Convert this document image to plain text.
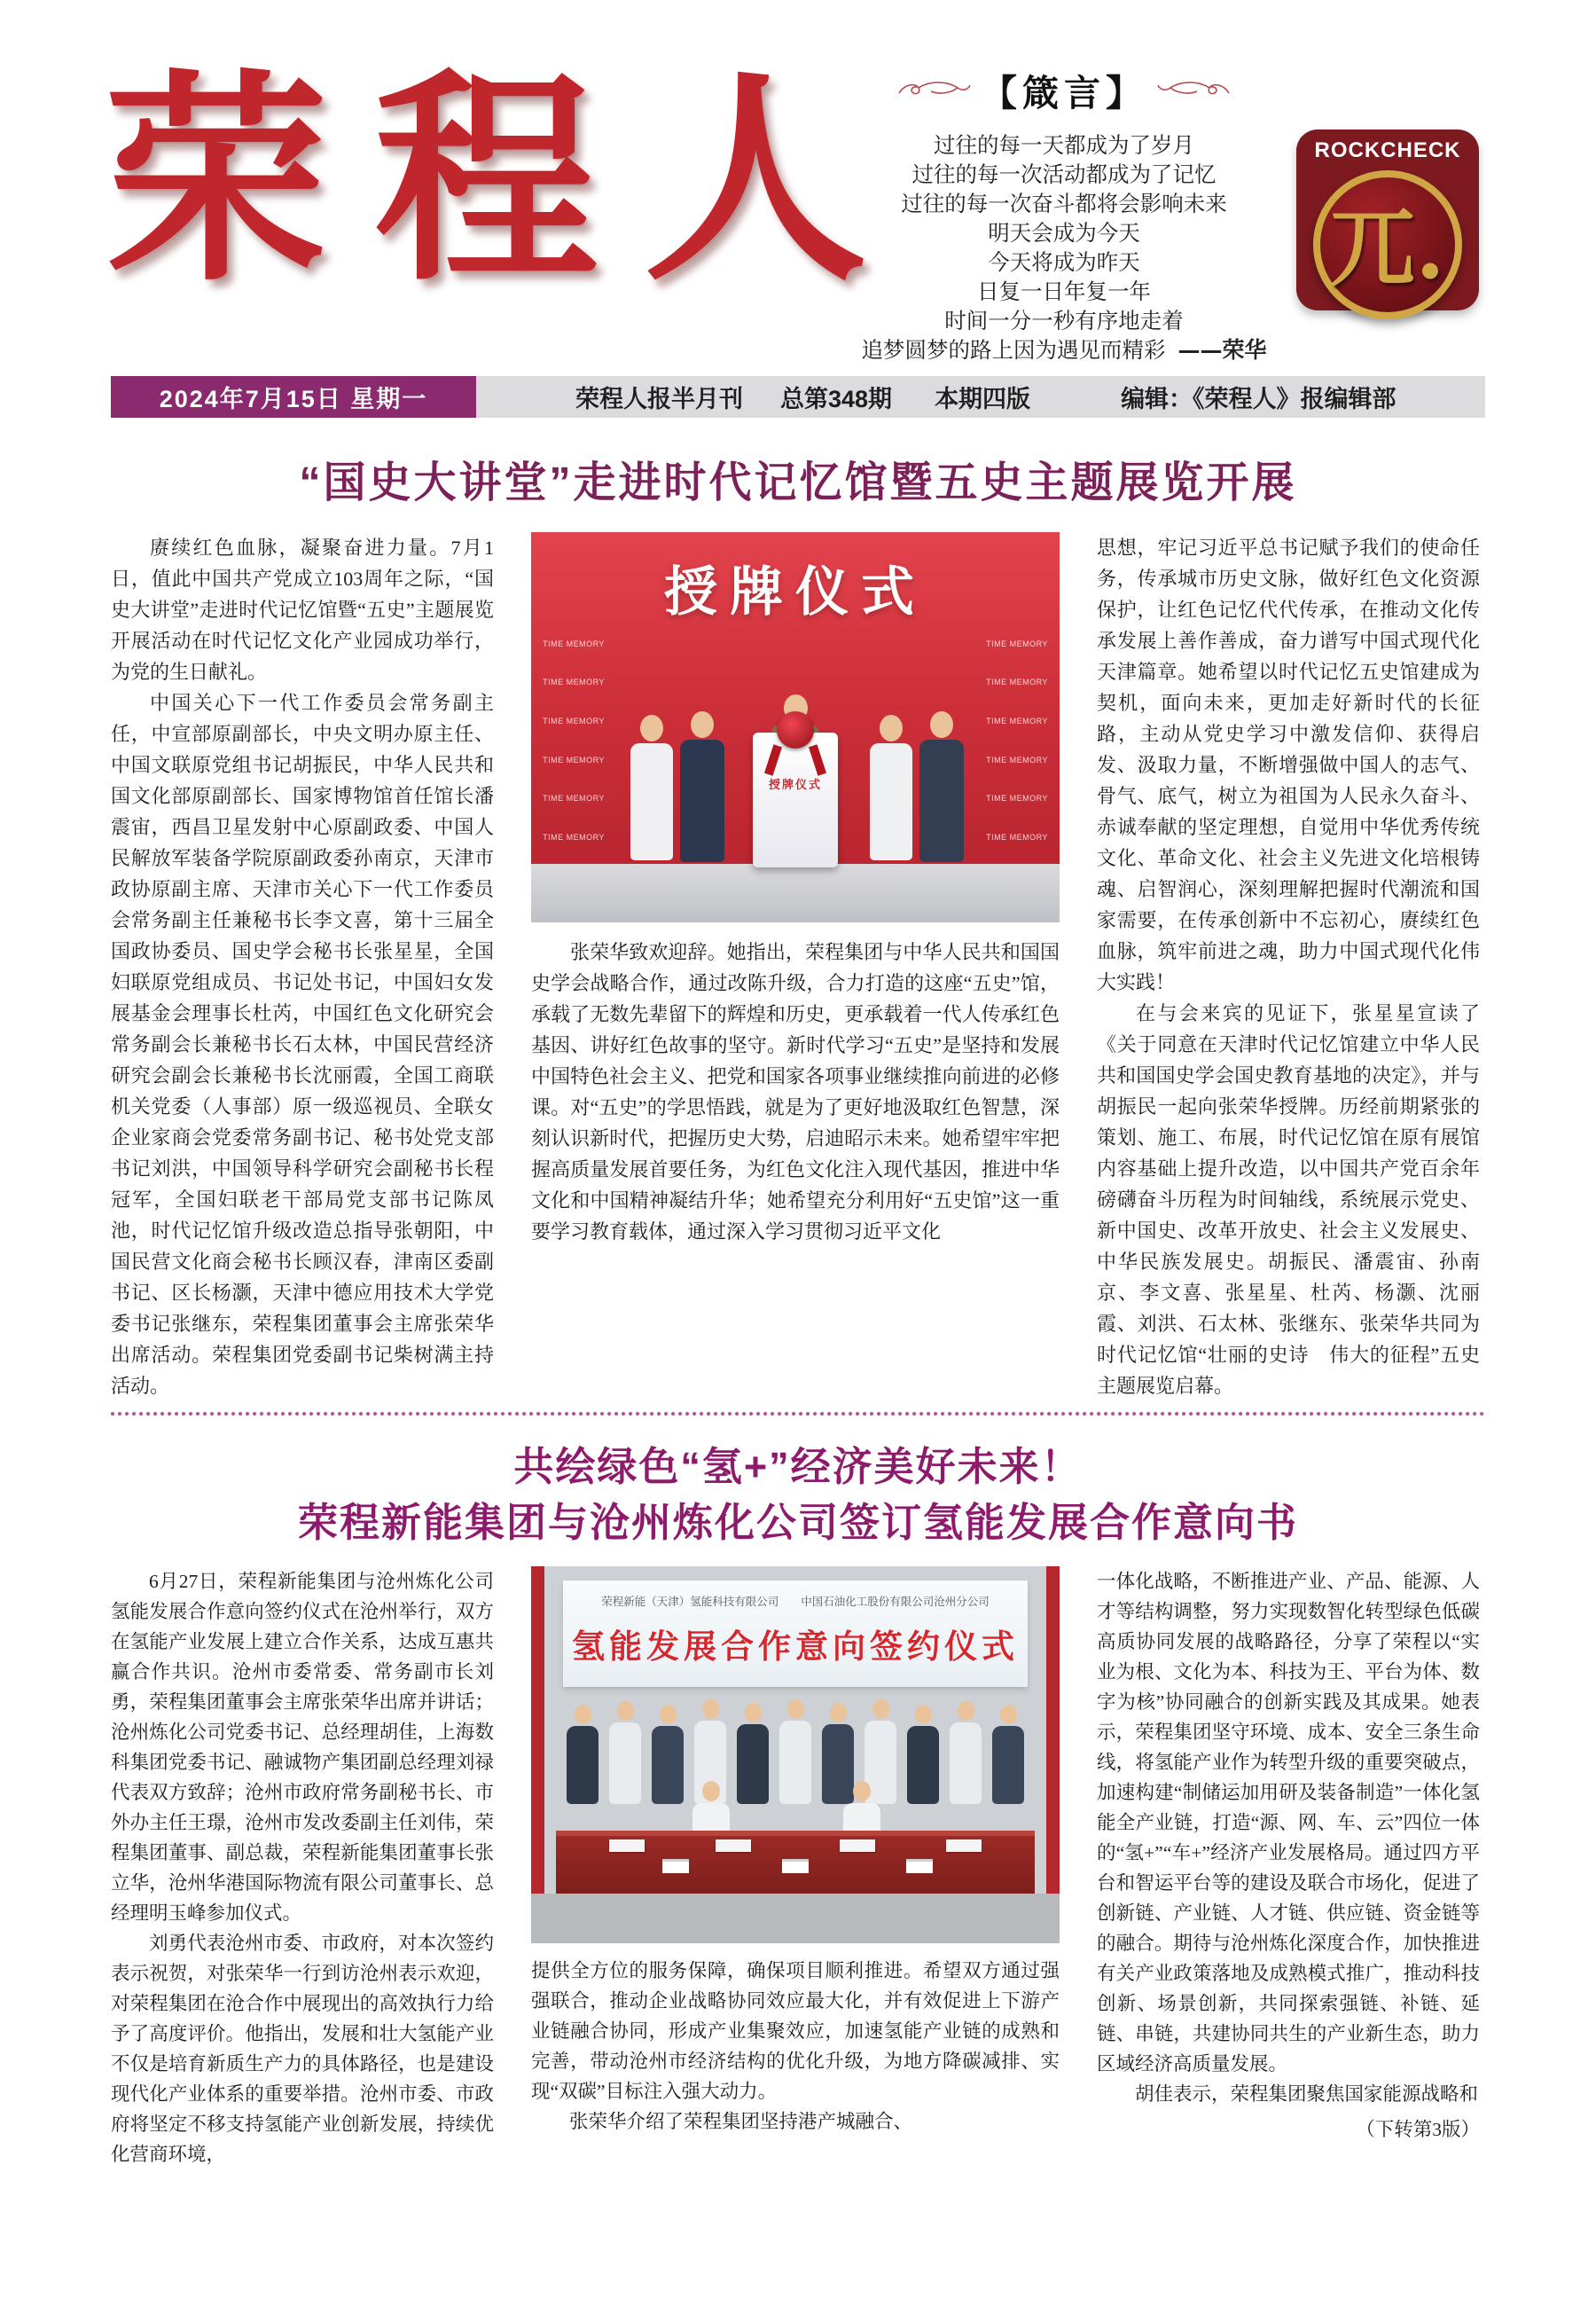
荣程人 【箴言】
过往的每一天都成为了岁月
过往的每一次活动都成为了记忆
过往的每一次奋斗都将会影响未来
明天会成为今天
今天将成为昨天
日复一日年复一年
时间一分一秒有序地走着
追梦圆梦的路上因为遇见而精彩 ——荣华
ROCKCHECK
兀.
2024年7月15日 星期一	荣程人报半月刊 总第348期 本期四版	编辑：《荣程人》报编辑部
“国史大讲堂”走进时代记忆馆暨五史主题展览开展

赓续红色血脉，凝聚奋进力量。7月1日，值此中国共产党成立103周年之际，“国史大讲堂”走进时代记忆馆暨“五史”主题展览开展活动在时代记忆文化产业园成功举行，为党的生日献礼。

中国关心下一代工作委员会常务副主任，中宣部原副部长，中央文明办原主任、中国文联原党组书记胡振民，中华人民共和国文化部原副部长、国家博物馆首任馆长潘震宙，西昌卫星发射中心原副政委、中国人民解放军装备学院原副政委孙南京，天津市政协原副主席、天津市关心下一代工作委员会常务副主任兼秘书长李文喜，第十三届全国政协委员、国史学会秘书长张星星，全国妇联原党组成员、书记处书记，中国妇女发展基金会理事长杜芮，中国红色文化研究会常务副会长兼秘书长石太林，中国民营经济研究会副会长兼秘书长沈丽霞，全国工商联机关党委（人事部）原一级巡视员、全联女企业家商会党委常务副书记、秘书处党支部书记刘洪，中国领导科学研究会副秘书长程冠军，全国妇联老干部局党支部书记陈凤池，时代记忆馆升级改造总指导张朝阳，中国民营文化商会秘书长顾汉春，津南区委副书记、区长杨灏，天津中德应用技术大学党委书记张继东，荣程集团董事会主席张荣华出席活动。荣程集团党委副书记柴树满主持活动。

授牌仪式
TIME MEMORY
TIME MEMORY
TIME MEMORY
TIME MEMORY
TIME MEMORY
TIME MEMORY
TIME MEMORY
TIME MEMORY
TIME MEMORY
TIME MEMORY
TIME MEMORY
TIME MEMORY
授牌仪式

张荣华致欢迎辞。她指出，荣程集团与中华人民共和国国史学会战略合作，通过改陈升级，合力打造的这座“五史”馆，承载了无数先辈留下的辉煌和历史，更承载着一代人传承红色基因、讲好红色故事的坚守。新时代学习“五史”是坚持和发展中国特色社会主义、把党和国家各项事业继续推向前进的必修课。对“五史”的学思悟践，就是为了更好地汲取红色智慧，深刻认识新时代，把握历史大势，启迪昭示未来。她希望牢牢把握高质量发展首要任务，为红色文化注入现代基因，推进中华文化和中国精神凝结升华；她希望充分利用好“五史馆”这一重要学习教育载体，通过深入学习贯彻习近平文化

思想，牢记习近平总书记赋予我们的使命任务，传承城市历史文脉，做好红色文化资源保护，让红色记忆代代传承，在推动文化传承发展上善作善成，奋力谱写中国式现代化天津篇章。她希望以时代记忆五史馆建成为契机，面向未来，更加走好新时代的长征路，主动从党史学习中激发信仰、获得启发、汲取力量，不断增强做中国人的志气、骨气、底气，树立为祖国为人民永久奋斗、赤诚奉献的坚定理想，自觉用中华优秀传统文化、革命文化、社会主义先进文化培根铸魂、启智润心，深刻理解把握时代潮流和国家需要，在传承创新中不忘初心，赓续红色血脉，筑牢前进之魂，助力中国式现代化伟大实践！

在与会来宾的见证下，张星星宣读了《关于同意在天津时代记忆馆建立中华人民共和国国史学会国史教育基地的决定》，并与胡振民一起向张荣华授牌。历经前期紧张的策划、施工、布展，时代记忆馆在原有展馆内容基础上提升改造，以中国共产党百余年磅礴奋斗历程为时间轴线，系统展示党史、新中国史、改革开放史、社会主义发展史、中华民族发展史。胡振民、潘震宙、孙南京、李文喜、张星星、杜芮、杨灏、沈丽霞、刘洪、石太林、张继东、张荣华共同为时代记忆馆“壮丽的史诗　伟大的征程”五史主题展览启幕。

共绘绿色“氢+”经济美好未来！
荣程新能集团与沧州炼化公司签订氢能发展合作意向书

6月27日，荣程新能集团与沧州炼化公司氢能发展合作意向签约仪式在沧州举行，双方在氢能产业发展上建立合作关系，达成互惠共赢合作共识。沧州市委常委、常务副市长刘勇，荣程集团董事会主席张荣华出席并讲话；沧州炼化公司党委书记、总经理胡佳，上海数科集团党委书记、融诚物产集团副总经理刘禄代表双方致辞；沧州市政府常务副秘书长、市外办主任王璟，沧州市发改委副主任刘伟，荣程集团董事、副总裁，荣程新能集团董事长张立华，沧州华港国际物流有限公司董事长、总经理明玉峰参加仪式。

刘勇代表沧州市委、市政府，对本次签约表示祝贺，对张荣华一行到访沧州表示欢迎，对荣程集团在沧合作中展现出的高效执行力给予了高度评价。他指出，发展和壮大氢能产业不仅是培育新质生产力的具体路径，也是建设现代化产业体系的重要举措。沧州市委、市政府将坚定不移支持氢能产业创新发展，持续优化营商环境，

荣程新能（天津）氢能科技有限公司　　中国石油化工股份有限公司沧州分公司
氢能发展合作意向签约仪式

提供全方位的服务保障，确保项目顺利推进。希望双方通过强强联合，推动企业战略协同效应最大化，并有效促进上下游产业链融合协同，形成产业集聚效应，加速氢能产业链的成熟和完善，带动沧州市经济结构的优化升级，为地方降碳减排、实现“双碳”目标注入强大动力。

张荣华介绍了荣程集团坚持港产城融合、

一体化战略，不断推进产业、产品、能源、人才等结构调整，努力实现数智化转型绿色低碳高质协同发展的战略路径，分享了荣程以“实业为根、文化为本、科技为王、平台为体、数字为核”协同融合的创新实践及其成果。她表示，荣程集团坚守环境、成本、安全三条生命线，将氢能产业作为转型升级的重要突破点，加速构建“制储运加用研及装备制造”一体化氢能全产业链，打造“源、网、车、云”四位一体的“氢+”“车+”经济产业发展格局。通过四方平台和智运平台等的建设及联合市场化，促进了创新链、产业链、人才链、供应链、资金链等的融合。期待与沧州炼化深度合作，加快推进有关产业政策落地及成熟模式推广，推动科技创新、场景创新，共同探索强链、补链、延链、串链，共建协同共生的产业新生态，助力区域经济高质量发展。

胡佳表示，荣程集团聚焦国家能源战略和

（下转第3版）
